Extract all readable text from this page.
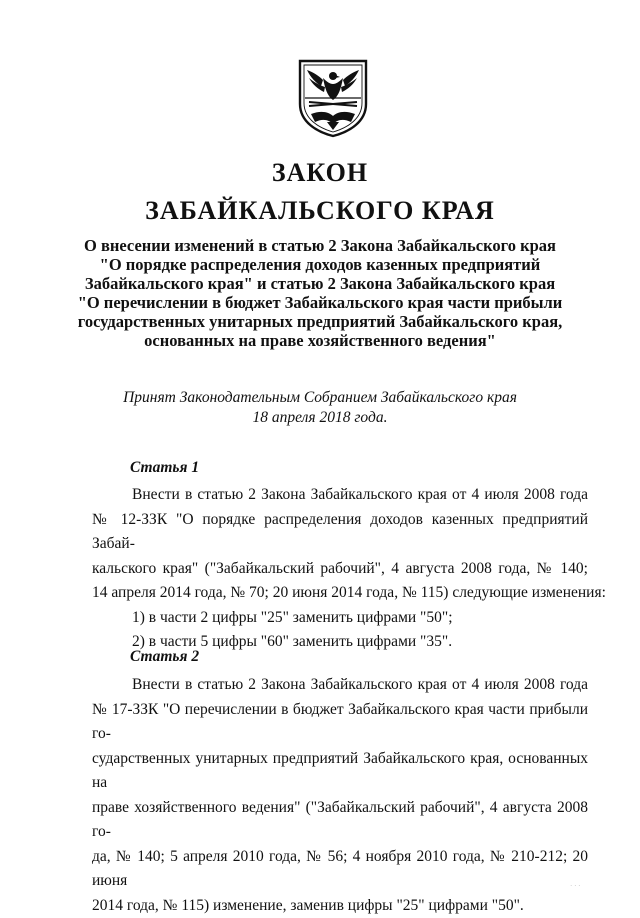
ЗАКОН
ЗАБАЙКАЛЬСКОГО КРАЯ
О внесении изменений в статью 2 Закона Забайкальского края
"О порядке распределения доходов казенных предприятий
Забайкальского края" и статью 2 Закона Забайкальского края
"О перечислении в бюджет Забайкальского края части прибыли
государственных унитарных предприятий Забайкальского края,
основанных на праве хозяйственного ведения"
Принят Законодательным Собранием Забайкальского края
18 апреля 2018 года.
Статья 1
Внести в статью 2 Закона Забайкальского края от 4 июля 2008 года
№ 12-ЗЗК "О порядке распределения доходов казенных предприятий Забай-
кальского края" ("Забайкальский рабочий", 4 августа 2008 года, № 140;
14 апреля 2014 года, № 70; 20 июня 2014 года, № 115) следующие изменения:
1) в части 2 цифры "25" заменить цифрами "50";
2) в части 5 цифры "60" заменить цифрами "35".
Статья 2
Внести в статью 2 Закона Забайкальского края от 4 июля 2008 года
№ 17-ЗЗК "О перечислении в бюджет Забайкальского края части прибыли го-
сударственных унитарных предприятий Забайкальского края, основанных на
праве хозяйственного ведения" ("Забайкальский рабочий", 4 августа 2008 го-
да, № 140; 5 апреля 2010 года, № 56; 4 ноября 2010 года, № 210-212; 20 июня
2014 года, № 115) изменение, заменив цифры "25" цифрами "50".
· · ·
